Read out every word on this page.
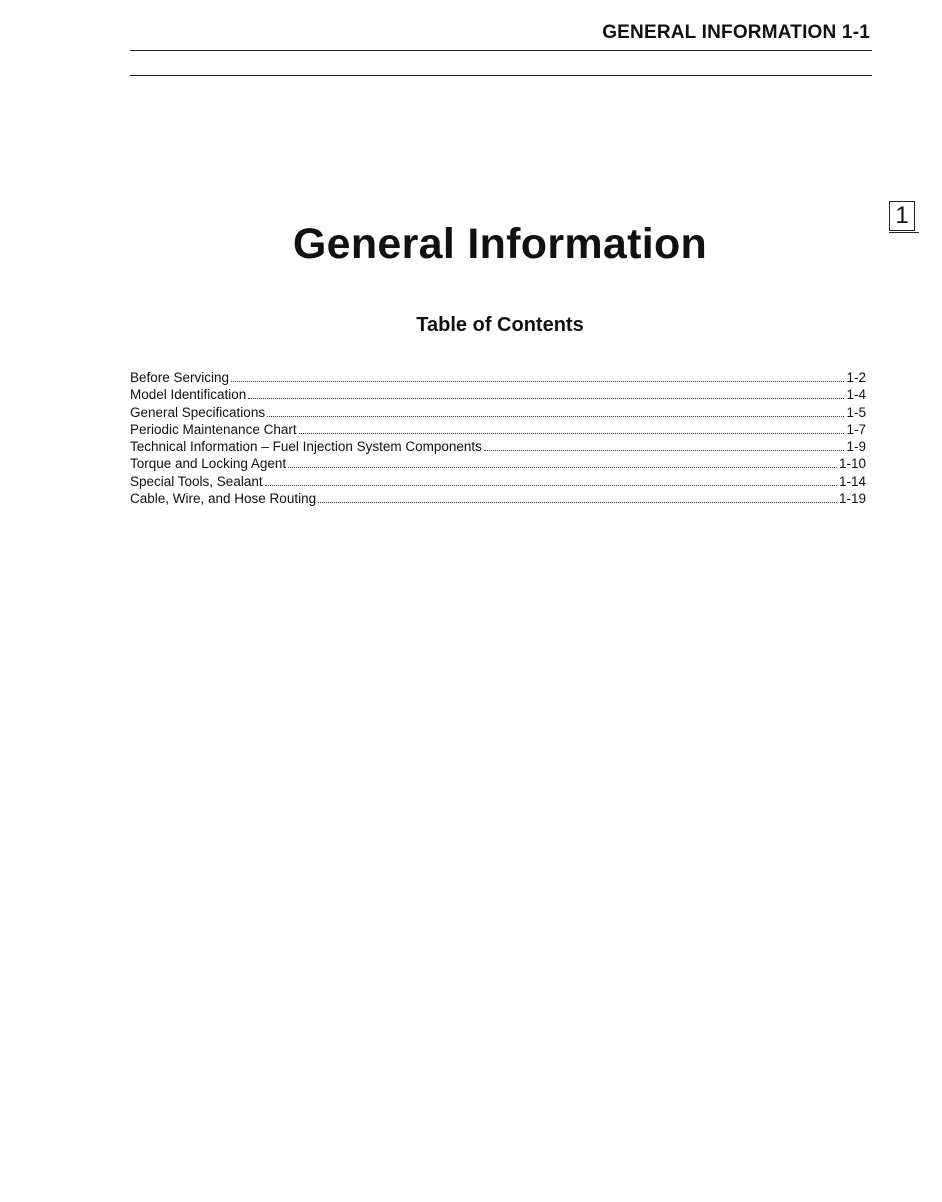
GENERAL INFORMATION 1-1
1
General Information
Table of Contents
Before Servicing	1-2
Model Identification	1-4
General Specifications	1-5
Periodic Maintenance Chart	1-7
Technical Information – Fuel Injection System Components	1-9
Torque and Locking Agent	1-10
Special Tools, Sealant	1-14
Cable, Wire, and Hose Routing	1-19
